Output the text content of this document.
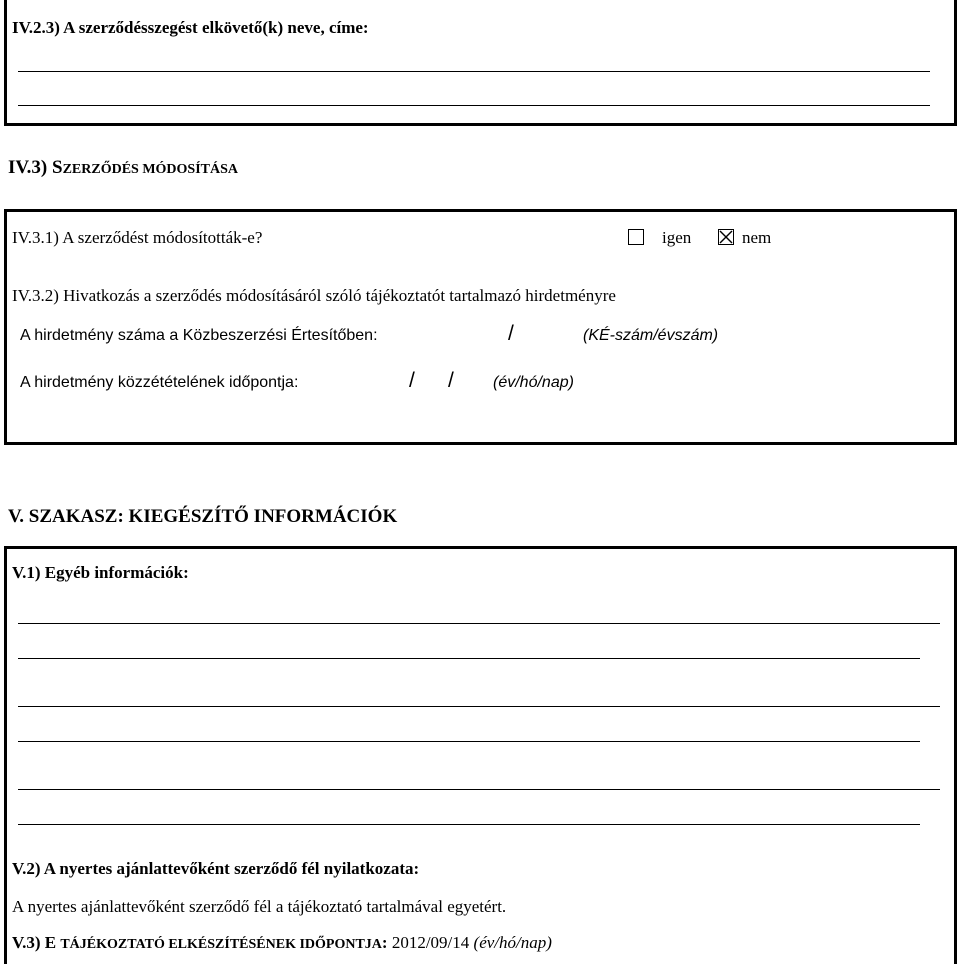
IV.2.3) A szerződésszegést elkövető(k) neve, címe:
IV.3) SZERZŐDÉS MÓDOSÍTÁSA
IV.3.1) A szerződést módosították-e?	igen	nem
IV.3.2) Hivatkozás a szerződés módosításáról szóló tájékoztatót tartalmazó hirdetményre
A hirdetmény száma a Közbeszerzési Értesítőben:	/	(KÉ-szám/évszám)
A hirdetmény közzétételének időpontja:	/ / (év/hó/nap)
V. SZAKASZ: KIEGÉSZÍTŐ INFORMÁCIÓK
V.1) Egyéb információk:
V.2) A nyertes ajánlattevőként szerződő fél nyilatkozata:
A nyertes ajánlattevőként szerződő fél a tájékoztató tartalmával egyetért.
V.3) E TÁJÉKOZTATÓ ELKÉSZÍTÉSÉNEK IDŐPONTJA: 2012/09/14 (év/hó/nap)
